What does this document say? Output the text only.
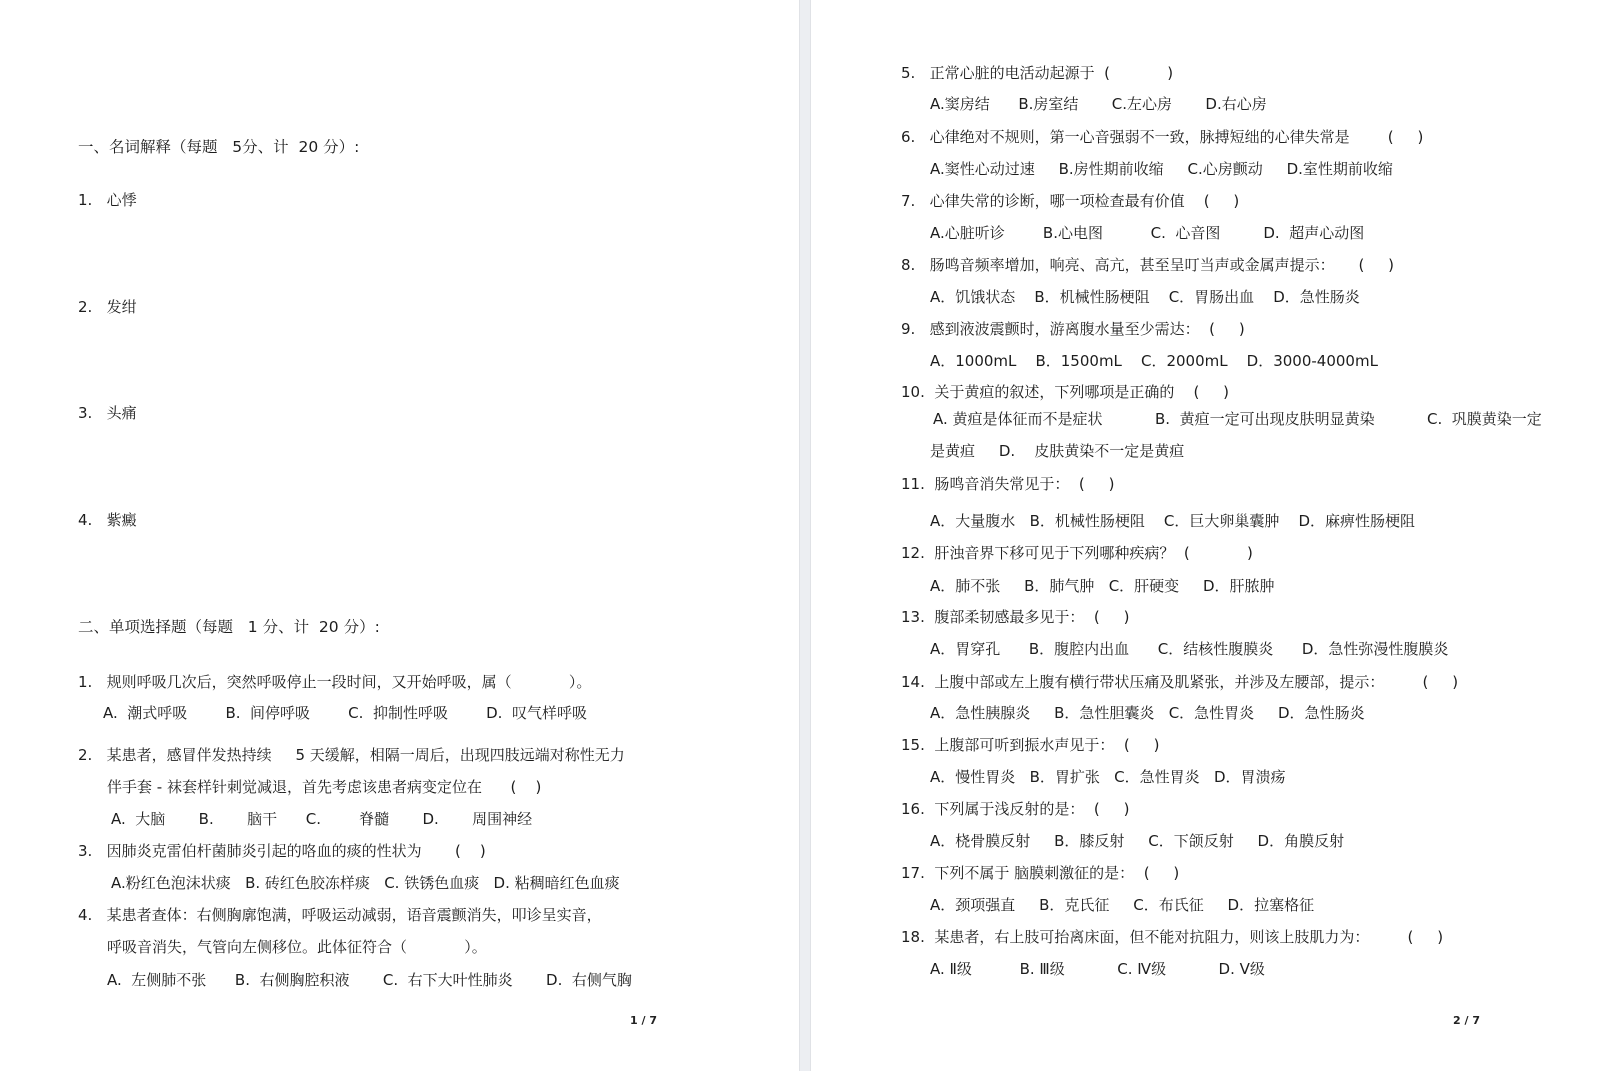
一、名词解释（每题   5分、计  20 分）:
1.   心悸
2.   发绀
3.   头痛
4.   紫癜
二、单项选择题（每题   1 分、计  20 分）:
1.   规则呼吸几次后，突然呼吸停止一段时间，又开始呼吸，属（            ）。
A.  潮式呼吸        B.  间停呼吸        C.  抑制性呼吸        D.  叹气样呼吸
2.   某患者，感冒伴发热持续     5 天缓解，相隔一周后，出现四肢远端对称性无力
伴手套 - 袜套样针刺觉减退，首先考虑该患者病变定位在      (    )
A.  大脑       B.       脑干      C.        脊髓       D.       周围神经
3.   因肺炎克雷伯杆菌肺炎引起的咯血的痰的性状为       (    )
A.粉红色泡沫状痰   B. 砖红色胶冻样痰   C. 铁锈色血痰   D. 粘稠暗红色血痰
4.   某患者查体：右侧胸廓饱满，呼吸运动减弱，语音震颤消失，叩诊呈实音，
呼吸音消失，气管向左侧移位。此体征符合（            ）。
A.  左侧肺不张      B.  右侧胸腔积液       C.  右下大叶性肺炎       D.  右侧气胸
1 / 7
5.   正常心脏的电活动起源于  (            )
A.窦房结      B.房室结       C.左心房       D.右心房
6.   心律绝对不规则，第一心音强弱不一致，脉搏短绌的心律失常是        (     )
A.窦性心动过速     B.房性期前收缩     C.心房颤动     D.室性期前收缩
7.   心律失常的诊断，哪一项检查最有价值    (     )
A.心脏听诊        B.心电图          C.  心音图         D.  超声心动图
8.   肠鸣音频率增加，响亮、高亢，甚至呈叮当声或金属声提示：     (     )
A．饥饿状态    B．机械性肠梗阻    C．胃肠出血    D．急性肠炎
9.   感到液波震颤时，游离腹水量至少需达：  (     )
A．1000mL    B．1500mL    C．2000mL    D．3000-4000mL
10.  关于黄疸的叙述，下列哪项是正确的    (     )
A. 黄疸是体征而不是症状           B.  黄疸一定可出现皮肤明显黄染           C.  巩膜黄染一定
是黄疸     D.    皮肤黄染不一定是黄疸
11.  肠鸣音消失常见于：  (     )
A．大量腹水   B．机械性肠梗阻    C．巨大卵巢囊肿    D．麻痹性肠梗阻
12.  肝浊音界下移可见于下列哪种疾病？  (            )
A．肺不张     B．肺气肿   C．肝硬变     D．肝脓肿
13.  腹部柔韧感最多见于：  (     )
A．胃穿孔      B．腹腔内出血      C．结核性腹膜炎      D．急性弥漫性腹膜炎
14.  上腹中部或左上腹有横行带状压痛及肌紧张，并涉及左腰部，提示：        (     )
A．急性胰腺炎     B．急性胆囊炎   C．急性胃炎     D．急性肠炎
15.  上腹部可听到振水声见于：  (     )
A．慢性胃炎   B．胃扩张   C．急性胃炎   D．胃溃疡
16.  下列属于浅反射的是：  (     )
A．桡骨膜反射     B．膝反射     C．下颌反射     D．角膜反射
17.  下列不属于 脑膜刺激征的是：  (     )
A．颈项强直     B．克氏征     C．布氏征     D．拉塞格征
18.  某患者，右上肢可抬离床面，但不能对抗阻力，则该上肢肌力为：        (     )
A. Ⅱ级          B. Ⅲ级           C. Ⅳ级           D. Ⅴ级
2 / 7
